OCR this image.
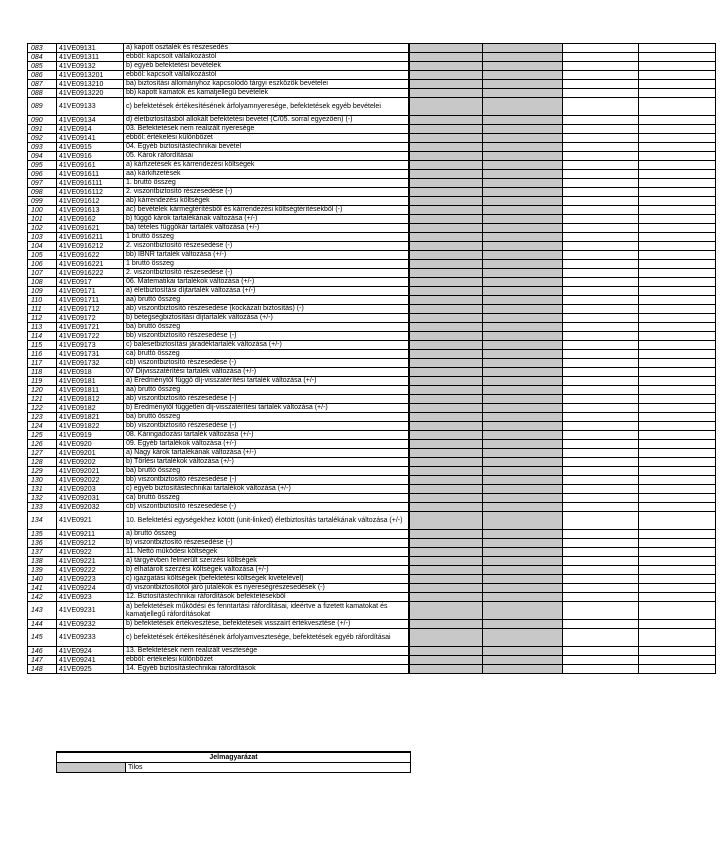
083	41VE09131	a) kapott osztalék és részesedés				
084	41VE091311	ebből: kapcsolt vállalkozástól				
085	41VE09132	b) egyéb befektetési bevételek				
086	41VE0913201	ebből: kapcsolt vállalkozástól				
087	41VE0913210	ba) biztosítási állományhoz kapcsolódó tárgyi eszközök bevételei				
088	41VE0913220	bb) kapott kamatok és kamatjellegű bevételek				
089	41VE09133	c) befektetések értékesítésének árfolyamnyeresége, befektetések egyéb bevételei				
090	41VE09134	d) életbiztosításból allokált befektetési bevétel (C/05. sorral egyezően) (-)				
091	41VE0914	03. Befektetések nem realizált nyeresége				
092	41VE09141	ebből: értékelési különbözet				
093	41VE0915	04. Egyéb biztosítástechnikai bevétel				
094	41VE0916	05. Károk ráfordításai				
095	41VE09161	a) kárfizetések és kárrendezési költségek				
096	41VE091611	aa) kárkifizetések				
097	41VE0916111	1. bruttó összeg				
098	41VE0916112	2. viszontbiztosító részesedése (-)				
099	41VE091612	ab) kárrendezési költségek				
100	41VE091613	ac) bevételek kármegtérítésből és kárrendezési költségtérítésekből (-)				
101	41VE09162	b) függő károk tartalékának változása (+/-)				
102	41VE091621	ba) tételes függőkár tartalék változása (+/-)				
103	41VE0916211	1 bruttó összeg				
104	41VE0916212	2. viszontbiztosító részesedése (-)				
105	41VE091622	bb) IBNR tartalék változása (+/-)				
106	41VE0916221	1 bruttó összeg				
107	41VE0916222	2. viszontbiztosító részesedése (-)				
108	41VE0917	06. Matematikai tartalékok változása (+/-)				
109	41VE09171	a) életbiztosítási díjtartalék változása (+/-)				
110	41VE091711	aa) bruttó összeg				
111	41VE091712	ab) viszontbiztosító részesedése (kockázati biztosítás) (-)				
112	41VE09172	b) betegségbiztosítási díjtartalék változása (+/-)				
113	41VE091721	ba) bruttó összeg				
114	41VE091722	bb) viszontbiztosító részesedése (-)				
115	41VE09173	c) balesetbiztosítási járadéktartalék változása (+/-)				
116	41VE091731	ca) bruttó összeg				
117	41VE091732	cb) viszontbiztosító részesedése (-)				
118	41VE0918	07 Díjvisszatérítési tartalék változása (+/-)				
119	41VE09181	a) Eredménytől függő díj-visszatérítési tartalék változása (+/-)				
120	41VE091811	aa) bruttó összeg				
121	41VE091812	ab) viszontbiztosító részesedése (-)				
122	41VE09182	b) Eredménytől független díj-visszatérítési tartalék változása (+/-)				
123	41VE091821	ba) bruttó összeg				
124	41VE091822	bb) viszontbiztosító részesedése (-)				
125	41VE0919	08. Káringadozási tartalék változása (+/-)				
126	41VE0920	09. Egyéb tartalékok változása (+/-)				
127	41VE09201	a) Nagy károk tartalékának változása (+/-)				
128	41VE09202	b) Törlési tartalékok változása (+/-)				
129	41VE092021	ba) bruttó összeg				
130	41VE092022	bb) viszontbiztosító részesedése (-)				
131	41VE09203	c) egyéb biztosítástechnikai tartalékok változása (+/-)				
132	41VE092031	ca) bruttó összeg				
133	41VE092032	cb) viszontbiztosító részesedése (-)				
134	41VE0921	10. Befektetési egységekhez kötött (unit-linked) életbiztosítás tartalékának változása (+/-)				
135	41VE09211	a) bruttó összeg				
136	41VE09212	b) viszontbiztosító részesedése (-)				
137	41VE0922	11. Nettó működési költségek				
138	41VE09221	a) tárgyévben felmerült szerzési költségek				
139	41VE09222	b) elhatárolt szerzési költségek változása (+/-)				
140	41VE09223	c) igazgatási költségek (befektetési költségek kivételével)				
141	41VE09224	d) viszontbiztosítótól járó jutalékok és nyereségrészesedések (-)				
142	41VE0923	12. Biztosítástechnikai ráfordítások befektetésekből				
143	41VE09231	a) befektetések működési és fenntartási ráfordításai, ideértve a fizetett kamatokat és kamatjellegű ráfordításokat				
144	41VE09232	b) befektetések értékvesztése, befektetések visszaírt értékvesztése (+/-)				
145	41VE09233	c) befektetések értékesítésének árfolyamvesztesége, befektetések egyéb ráfordításai				
146	41VE0924	13. Befektetések nem realizált vesztesége				
147	41VE09241	ebből: értékelési különbözet				
148	41VE0925	14. Egyéb biztosítástechnikai ráfordítások				
Jelmagyarázat
	Tilos
